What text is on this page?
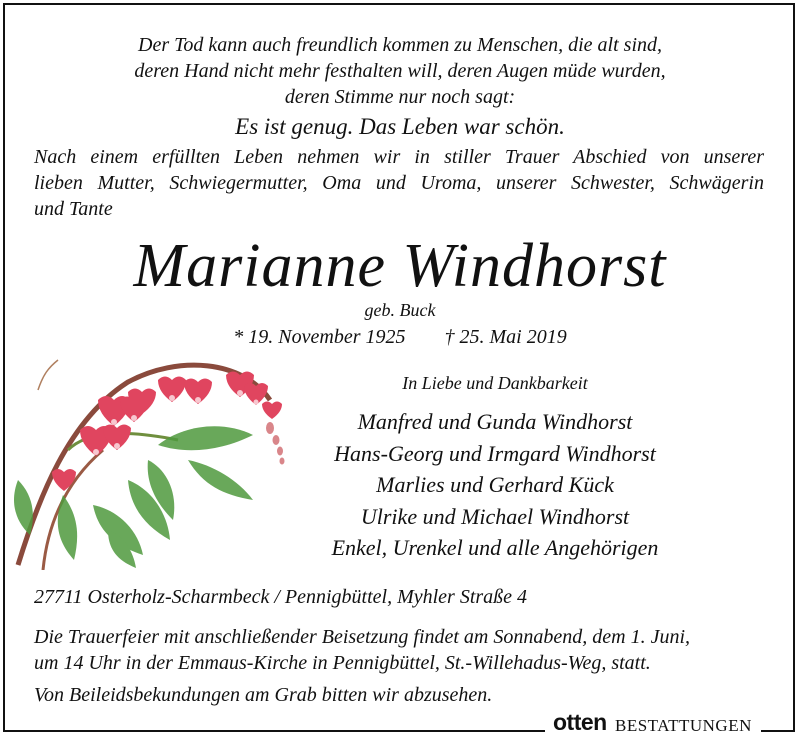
Der Tod kann auch freundlich kommen zu Menschen, die alt sind,
deren Hand nicht mehr festhalten will, deren Augen müde wurden,
deren Stimme nur noch sagt:
Es ist genug. Das Leben war schön.
Nach einem erfüllten Leben nehmen wir in stiller Trauer Abschied von unserer
lieben Mutter, Schwiegermutter, Oma und Uroma, unserer Schwester, Schwägerin
und Tante
Marianne Windhorst
geb. Buck
* 19. November 1925 † 25. Mai 2019
In Liebe und Dankbarkeit
Manfred und Gunda Windhorst
Hans-Georg und Irmgard Windhorst
Marlies und Gerhard Kück
Ulrike und Michael Windhorst
Enkel, Urenkel und alle Angehörigen
27711 Osterholz-Scharmbeck / Pennigbüttel, Myhler Straße 4
Die Trauerfeier mit anschließender Beisetzung findet am Sonnabend, dem 1. Juni,
um 14 Uhr in der Emmaus-Kirche in Pennigbüttel, St.-Willehadus-Weg, statt.
Von Beileidsbekundungen am Grab bitten wir abzusehen.
otten BESTATTUNGEN
